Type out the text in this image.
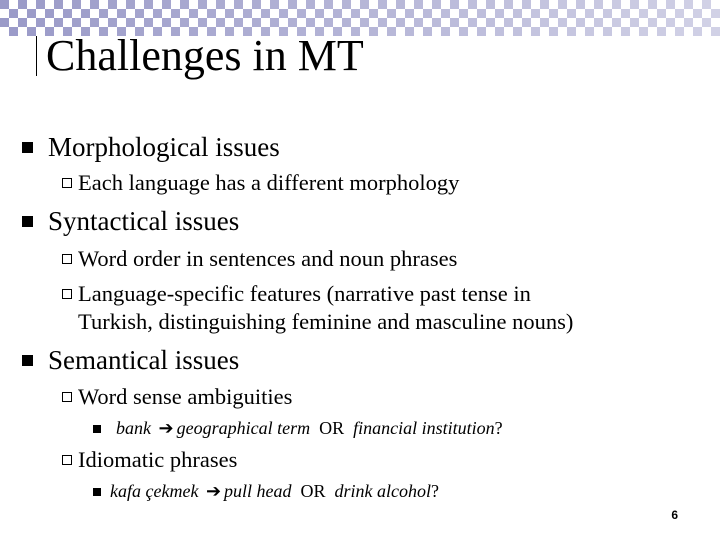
Challenges in MT
Morphological issues
Each language has a different morphology
Syntactical issues
Word order in sentences and noun phrases
Language-specific features (narrative past tense in
Turkish, distinguishing feminine and masculine nouns)
Semantical issues
Word sense ambiguities
bank ➔ geographical term OR financial institution?
Idiomatic phrases
kafa çekmek ➔ pull head OR drink alcohol?
6
